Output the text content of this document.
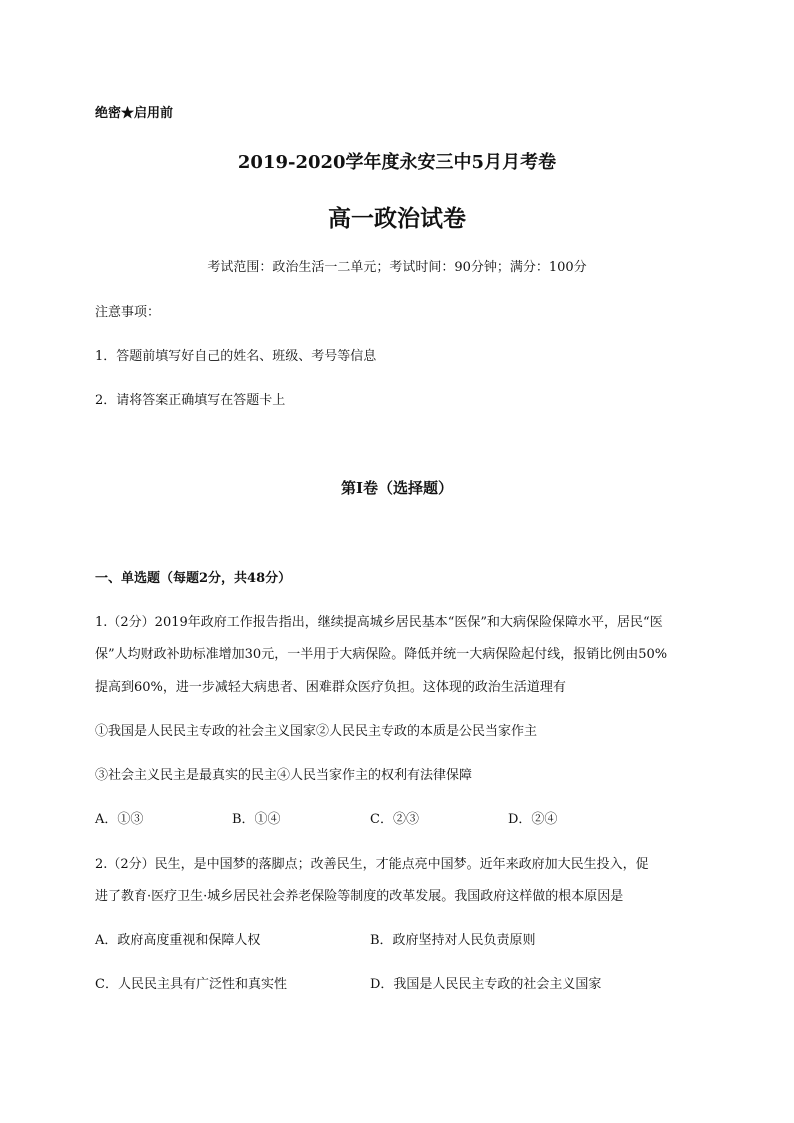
绝密★启用前
2019-2020学年度永安三中5月月考卷
高一政治试卷
考试范围：政治生活一二单元；考试时间：90分钟；满分：100分
注意事项：
1．答题前填写好自己的姓名、班级、考号等信息
2．请将答案正确填写在答题卡上
第I卷（选择题）
一、单选题（每题2分，共48分）
1.（2分）2019年政府工作报告指出，继续提高城乡居民基本“医保”和大病保险保障水平，居民“医
保”人均财政补助标准增加30元，一半用于大病保险。降低并统一大病保险起付线，报销比例由50%
提高到60%，进一步减轻大病患者、困难群众医疗负担。这体现的政治生活道理有
①我国是人民民主专政的社会主义国家②人民民主专政的本质是公民当家作主
③社会主义民主是最真实的民主④人民当家作主的权利有法律保障
A．①③	B．①④	C．②③	D．②④
2.（2分）民生，是中国梦的落脚点；改善民生，才能点亮中国梦。近年来政府加大民生投入，促
进了教育·医疗卫生·城乡居民社会养老保险等制度的改革发展。我国政府这样做的根本原因是
A．政府高度重视和保障人权	B．政府坚持对人民负责原则
C．人民民主具有广泛性和真实性	D．我国是人民民主专政的社会主义国家
